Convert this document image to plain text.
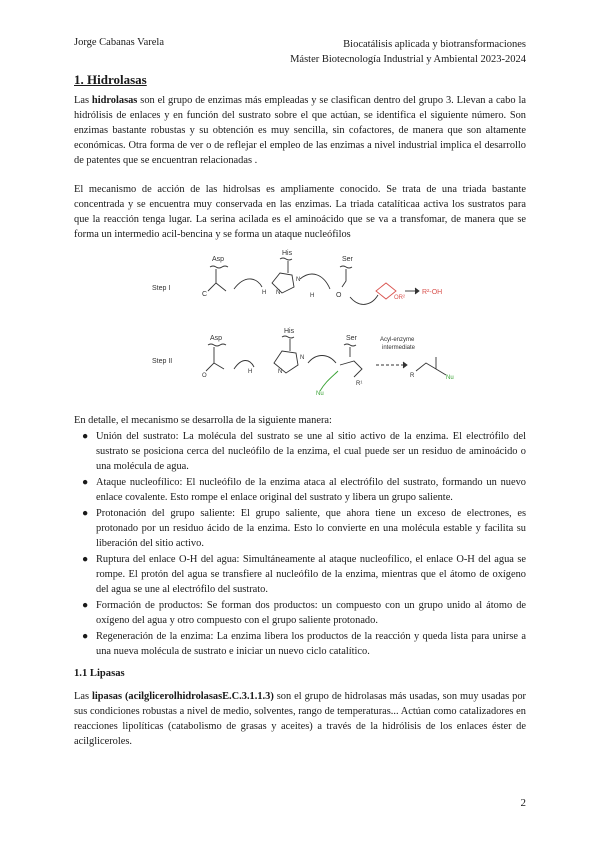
Jorge Cabanas Varela	Biocatálisis aplicada y biotransformaciones
Máster Biotecnología Industrial y Ambiental 2023-2024
1. Hidrolasas
Las hidrolasas son el grupo de enzimas más empleadas y se clasifican dentro del grupo 3. Llevan a cabo la hidrólisis de enlaces y en función del sustrato sobre el que actúan, se identifica el siguiente número. Son enzimas bastante robustas y su obtención es muy sencilla, sin cofactores, de manera que son altamente económicas. Otra forma de ver o de reflejar el empleo de las enzimas a nivel industrial implica el desarrollo de patentes que se encuentran relacionadas .
El mecanismo de acción de las hidrolsas es ampliamente conocido. Se trata de una triada bastante concentrada y se encuentra muy conservada en las enzimas. La triada catalíticaa activa los sustratos para que la reacción tenga lugar. La serina acilada es el aminoácido que se va a transfomar, de manera que se forma un intermedio acil-bencina y se forma un ataque nucleófilos
Step I
Asp
His
Ser
C	N
N
H	O
H	OR²
R²-OH
Step II
Asp
His
Ser
O
N
N
H
R¹
Nu
Acyl-enzyme
intermediate
R	Nu
En detalle, el mecanismo se desarrolla de la siguiente manera:
● Unión del sustrato: La molécula del sustrato se une al sitio activo de la enzima. El electrófilo del sustrato se posiciona cerca del nucleófilo de la enzima, el cual puede ser un residuo de aminoácido o una molécula de agua.
● Ataque nucleofílico: El nucleófilo de la enzima ataca al electrófilo del sustrato, formando un nuevo enlace covalente. Esto rompe el enlace original del sustrato y libera un grupo saliente.
● Protonación del grupo saliente: El grupo saliente, que ahora tiene un exceso de electrones, es protonado por un residuo ácido de la enzima. Esto lo convierte en una molécula estable y facilita su liberación del sitio activo.
● Ruptura del enlace O-H del agua: Simultáneamente al ataque nucleofílico, el enlace O-H del agua se rompe. El protón del agua se transfiere al nucleófilo de la enzima, mientras que el átomo de oxígeno del agua se une al electrófilo del sustrato.
● Formación de productos: Se forman dos productos: un compuesto con un grupo unido al átomo de oxígeno del agua y otro compuesto con el grupo saliente protonado.
● Regeneración de la enzima: La enzima libera los productos de la reacción y queda lista para unirse a una nueva molécula de sustrato e iniciar un nuevo ciclo catalítico.
1.1 Lipasas
Las lipasas (acilglicerolhidrolasasE.C.3.1.1.3) son el grupo de hidrolasas más usadas, son muy usadas por sus condiciones robustas a nivel de medio, solventes, rango de temperaturas... Actúan como catalizadores en reacciones lipolíticas (catabolismo de grasas y aceites) a través de la hidrólisis de los enlaces éster de acilgliceroles.
2
